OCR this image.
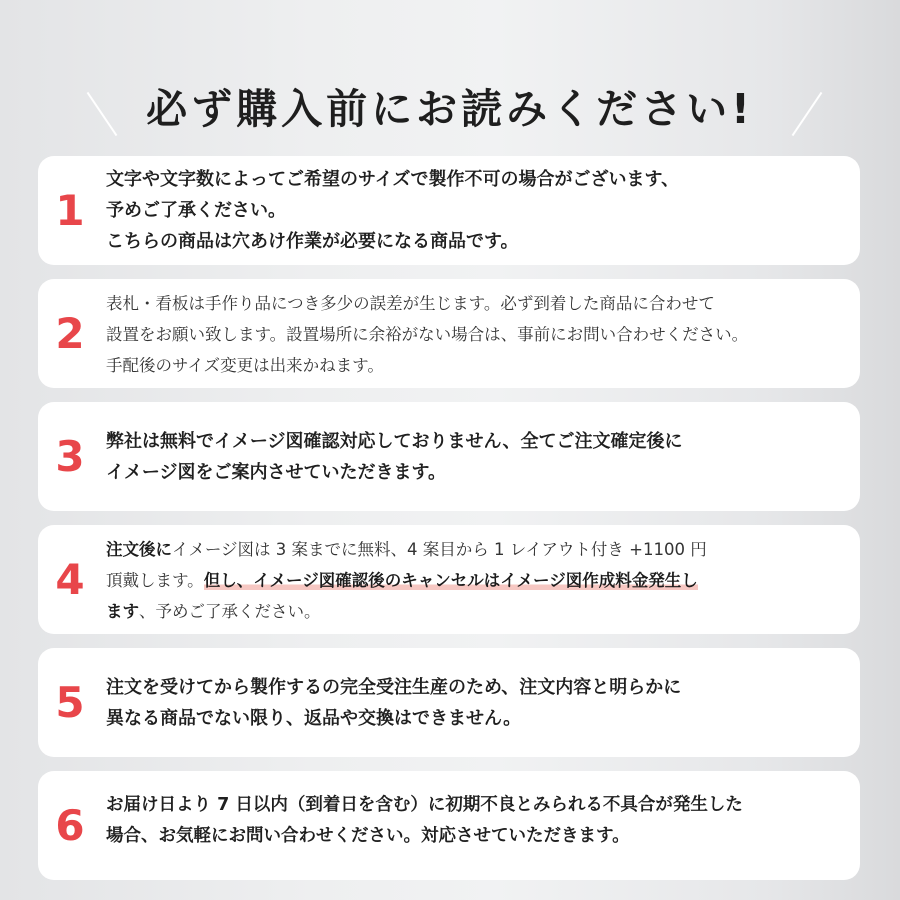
必ず購入前にお読みください!
1
文字や文字数によってご希望のサイズで製作不可の場合がございます、
予めご了承ください。
こちらの商品は穴あけ作業が必要になる商品です。
2
表札・看板は手作り品につき多少の誤差が生じます。必ず到着した商品に合わせて
設置をお願い致します。設置場所に余裕がない場合は、事前にお問い合わせください。
手配後のサイズ変更は出来かねます。
3	弊社は無料でイメージ図確認対応しておりません、全てご注文確定後に
イメージ図をご案内させていただきます。
4
注文後にイメージ図は 3 案までに無料、4 案目から 1 レイアウト付き +1100 円
頂戴します。但し、イメージ図確認後のキャンセルはイメージ図作成料金発生し
ます、予めご了承ください。
5	注文を受けてから製作するの完全受注生産のため、注文内容と明らかに
異なる商品でない限り、返品や交換はできません。
6	お届け日より 7 日以内（到着日を含む）に初期不良とみられる不具合が発生した
場合、お気軽にお問い合わせください。対応させていただきます。
